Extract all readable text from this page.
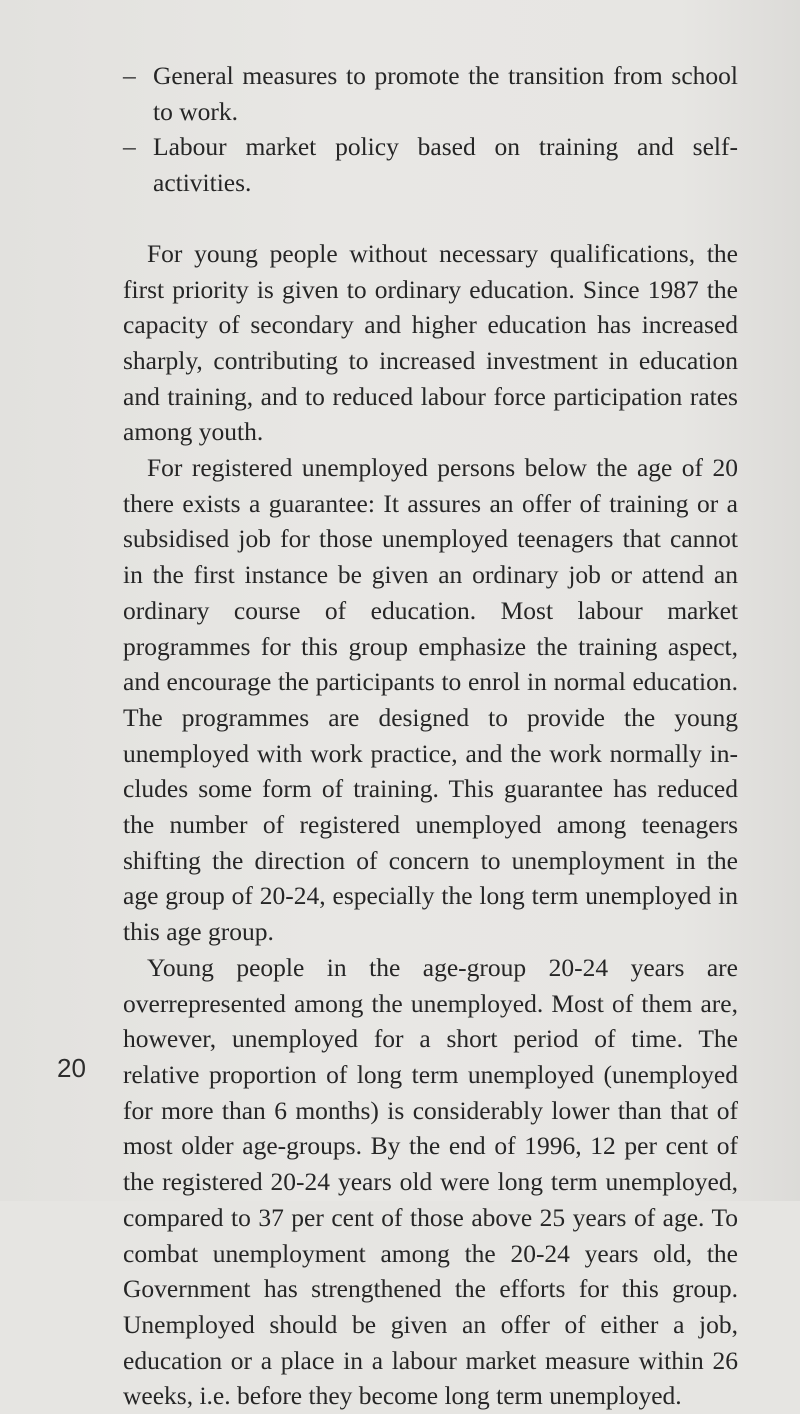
– General measures to promote the transition from school to work.
– Labour market policy based on training and self-activities.

For young people without necessary qualifications, the first priority is given to ordinary education. Since 1987 the capacity of secondary and higher education has increased sharply, contributing to increased investment in education and training, and to reduced labour force participation rates among youth.

For registered unemployed persons below the age of 20 there exists a guarantee: It assures an offer of training or a subsidised job for those unemployed teenagers that cannot in the first instance be given an ordinary job or attend an ordinary course of education. Most labour market programmes for this group emphasize the training aspect, and encourage the participants to enrol in normal education. The programmes are designed to provide the young unemployed with work practice, and the work normally includes some form of training. This guarantee has reduced the number of registered unemployed among teenagers shifting the direction of concern to unemployment in the age group of 20-24, especially the long term unemployed in this age group.

Young people in the age-group 20-24 years are overrepresented among the unemployed. Most of them are, however, unemployed for a short period of time. The relative proportion of long term unemployed (unemployed for more than 6 months) is considerably lower than that of most older age-groups. By the end of 1996, 12 per cent of the registered 20-24 years old were long term unemployed, compared to 37 per cent of those above 25 years of age. To combat unemployment among the 20-24 years old, the Government has strengthened the efforts for this group. Unemployed should be given an offer of either a job, education or a place in a labour market measure within 26 weeks, i.e. before they become long term unemployed.

20
